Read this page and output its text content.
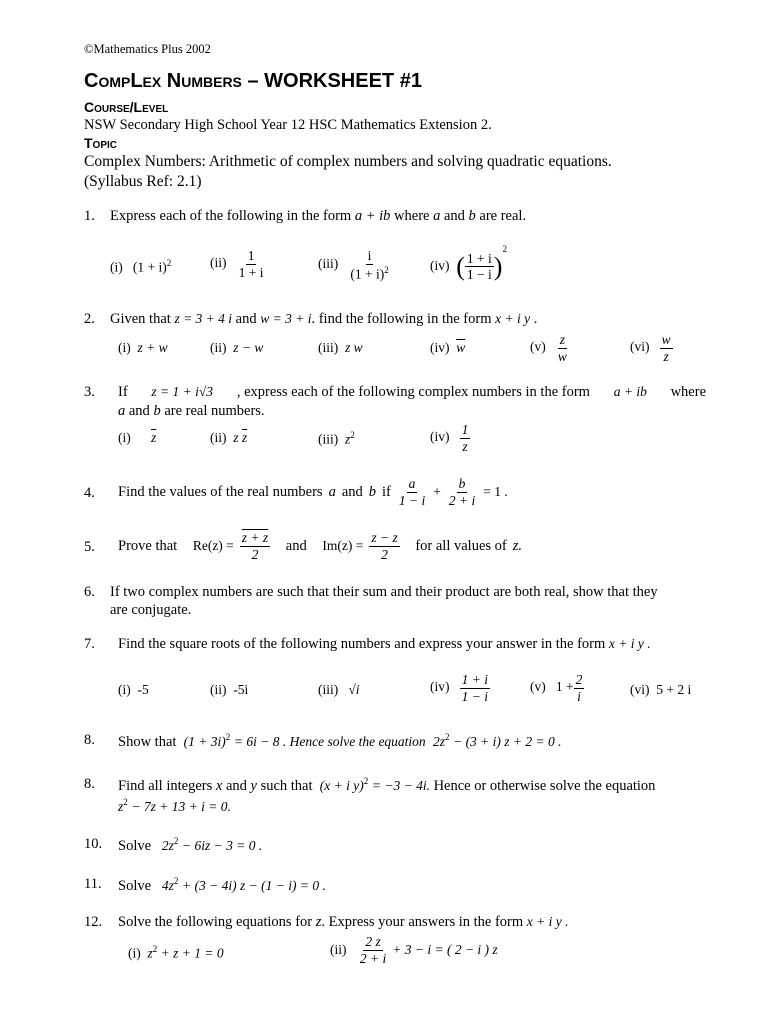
©Mathematics Plus 2002
CompLex Numbers – WORKSHEET #1
Course/Level
NSW Secondary High School Year 12 HSC Mathematics Extension 2.
Topic
Complex Numbers: Arithmetic of complex numbers and solving quadratic equations.
(Syllabus Ref: 2.1)
1. Express each of the following in the form a + ib where a and b are real.
(i) $(1 + i)^2$	$(ii) \frac{1}{1 + i}$	$(iii) \frac{i}{(1 + i)^2}$	(iv) ( $\frac{1 + i}{1 - i} )^2$
2. Given that z = 3 + 4 i and w = 3 + i. find the following in the form x + i y .
(i) z + w	(ii) z − w	(iii) z w	(iv) $\overline{w}$	$(v) \frac{z}{w}$	$(vi) \frac{w}{z}$
3. If z = 1 + i√3 , express each of the following complex numbers in the form a + ib where
a and b are real numbers.
(i) $\overline{z}$	(ii) z $\overline{z}$	(iii) $z^2$	$(iv) \frac{1}{z}$
4. Find the values of the real numbers a and b if $\frac{a}{1 - i} + \frac{b}{2 + i} = 1$ .
5. Prove that
$Re(z) = \frac{z + z}{2}$
and
$Im(z) = \frac{z - z}{2}$
for all values of z.
6. If two complex numbers are such that their sum and their product are both real, show that they
are conjugate.
7. Find the square roots of the following numbers and express your answer in the form x + i y .
(i) -5	(ii) -5i	(iii) √i	$(iv) \frac{1 + i}{1 - i}$	(v) $1 + \frac{2}{i}$	(vi) 5 + 2 i
8. Show that $(1 + 3i)^2 = 6i - 8$ . Hence solve the equation $2z^2 - (3 + i) z + 2 = 0$ .
8. Find all integers x and y such that (x + i y)$^2$ = −3 − 4i. Hence or otherwise solve the equation
$z^2 - 7z + 13 + i = 0$.
10. Solve $2z^2 - 6iz - 3 = 0$ .
11. Solve $4z^2 + (3 - 4i) z - (1 - i) = 0$ .
12. Solve the following equations for z. Express your answers in the form x + i y .
(i) $z^2 + z + 1 = 0$	(ii)
$\frac{2 z}{2 + i} + 3 - i$ = ( 2 − i ) z
